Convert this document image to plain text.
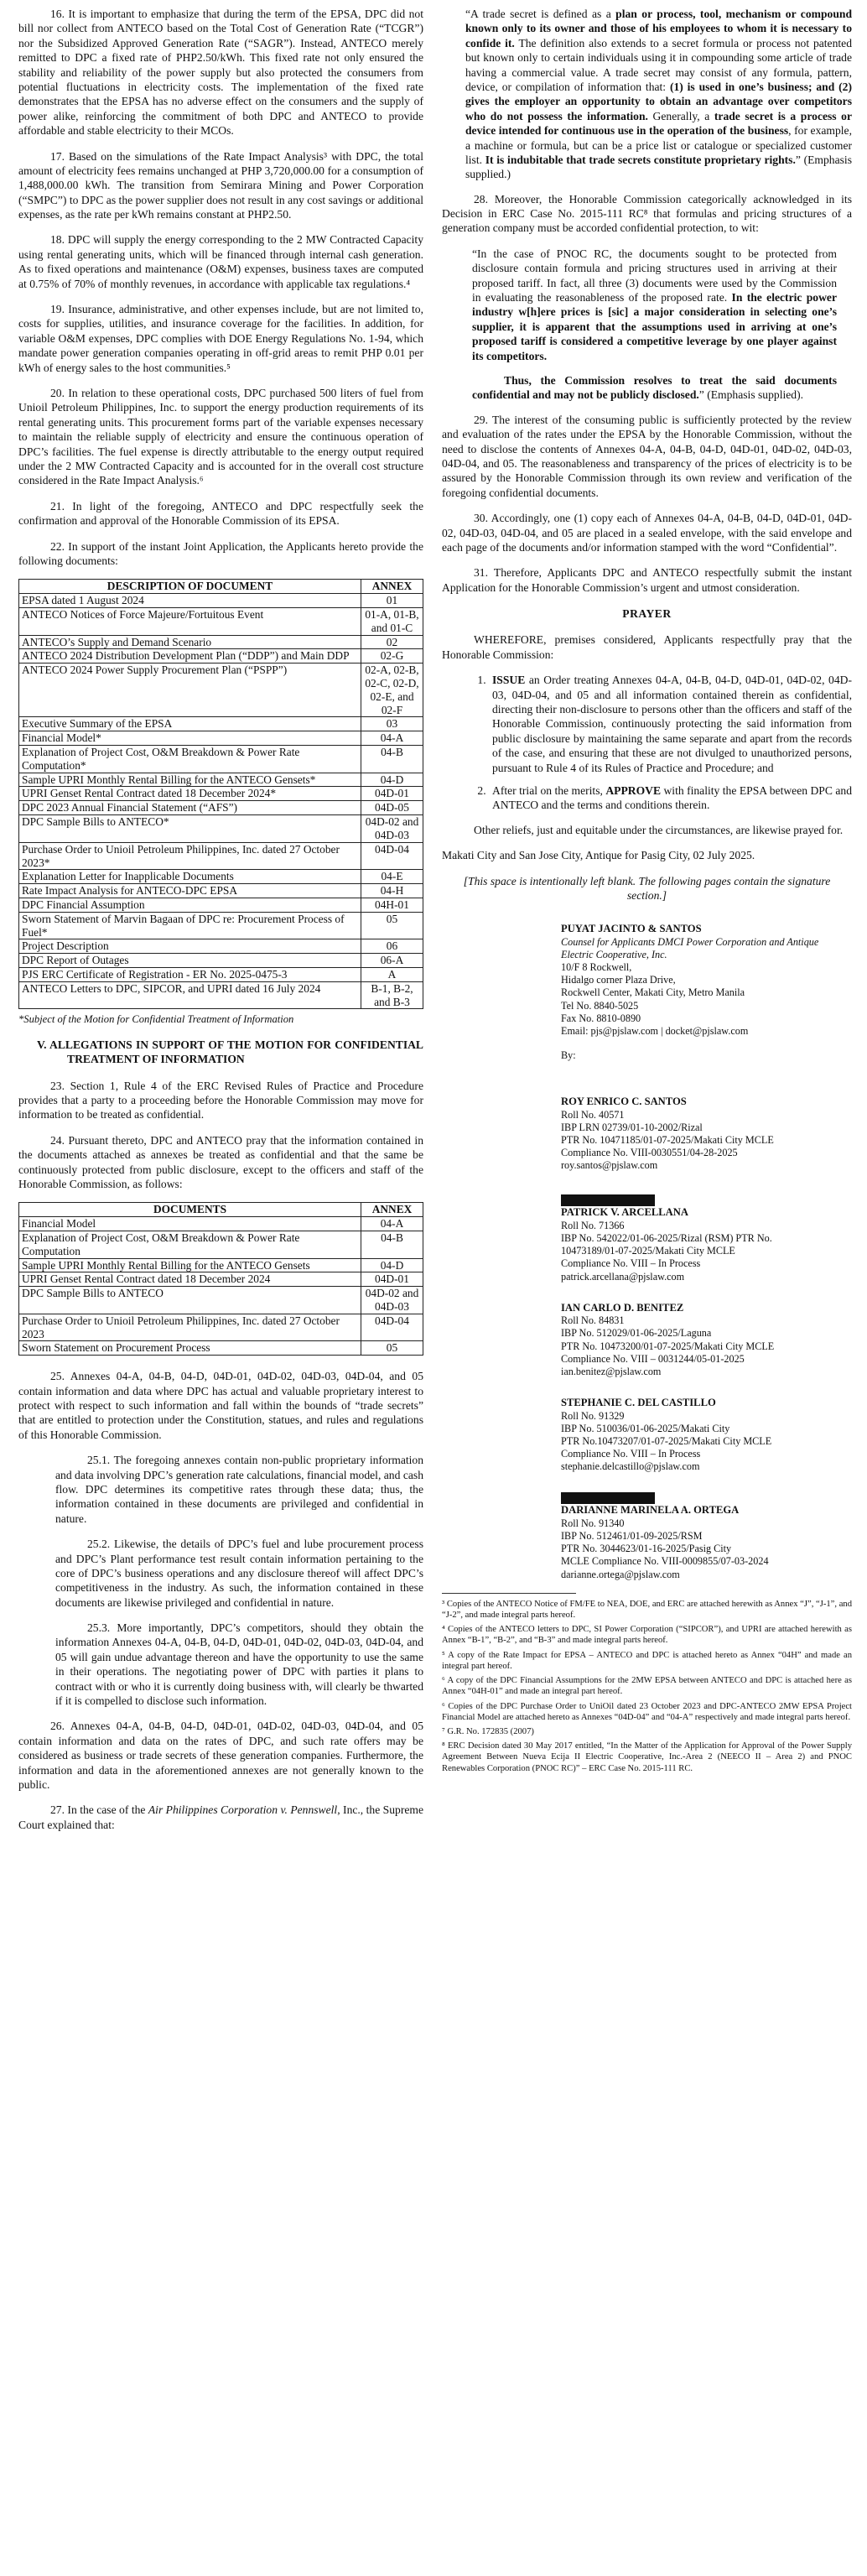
16. It is important to emphasize that during the term of the EPSA, DPC did not bill nor collect from ANTECO based on the Total Cost of Generation Rate (“TCGR”) nor the Subsidized Approved Generation Rate (“SAGR”). Instead, ANTECO merely remitted to DPC a fixed rate of PHP2.50/kWh. This fixed rate not only ensured the stability and reliability of the power supply but also protected the consumers from potential fluctuations in electricity costs. The implementation of the fixed rate demonstrates that the EPSA has no adverse effect on the consumers and the supply of power alike, reinforcing the commitment of both DPC and ANTECO to provide affordable and stable electricity to their MCOs.

17. Based on the simulations of the Rate Impact Analysis³ with DPC, the total amount of electricity fees remains unchanged at PHP 3,720,000.00 for a consumption of 1,488,000.00 kWh. The transition from Semirara Mining and Power Corporation (“SMPC”) to DPC as the power supplier does not result in any cost savings or additional expenses, as the rate per kWh remains constant at PHP2.50.

18. DPC will supply the energy corresponding to the 2 MW Contracted Capacity using rental generating units, which will be financed through internal cash generation. As to fixed operations and maintenance (O&M) expenses, business taxes are computed at 0.75% of 70% of monthly revenues, in accordance with applicable tax regulations.⁴

19. Insurance, administrative, and other expenses include, but are not limited to, costs for supplies, utilities, and insurance coverage for the facilities. In addition, for variable O&M expenses, DPC complies with DOE Energy Regulations No. 1-94, which mandate power generation companies operating in off-grid areas to remit PHP 0.01 per kWh of energy sales to the host communities.⁵

20. In relation to these operational costs, DPC purchased 500 liters of fuel from Unioil Petroleum Philippines, Inc. to support the energy production requirements of its rental generating units. This procurement forms part of the variable expenses necessary to maintain the reliable supply of electricity and ensure the continuous operation of DPC’s facilities. The fuel expense is directly attributable to the energy output required under the 2 MW Contracted Capacity and is accounted for in the overall cost structure considered in the Rate Impact Analysis.⁶

21. In light of the foregoing, ANTECO and DPC respectfully seek the confirmation and approval of the Honorable Commission of its EPSA.

22. In support of the instant Joint Application, the Applicants hereto provide the following documents:

DESCRIPTION OF DOCUMENT	ANNEX
EPSA dated 1 August 2024	01
ANTECO Notices of Force Majeure/Fortuitous Event	01-A, 01-B, and 01-C
ANTECO’s Supply and Demand Scenario	02
ANTECO 2024 Distribution Development Plan (“DDP”) and Main DDP	02-G
ANTECO 2024 Power Supply Procurement Plan (“PSPP”)	02-A, 02-B, 02-C, 02-D, 02-E, and 02-F
Executive Summary of the EPSA	03
Financial Model*	04-A
Explanation of Project Cost, O&M Breakdown & Power Rate Computation*	04-B
Sample UPRI Monthly Rental Billing for the ANTECO Gensets*	04-D
UPRI Genset Rental Contract dated 18 December 2024*	04D-01
DPC 2023 Annual Financial Statement (“AFS”)	04D-05
DPC Sample Bills to ANTECO*	04D-02 and 04D-03
Purchase Order to Unioil Petroleum Philippines, Inc. dated 27 October 2023*	04D-04
Explanation Letter for Inapplicable Documents	04-E
Rate Impact Analysis for ANTECO-DPC EPSA	04-H
DPC Financial Assumption	04H-01
Sworn Statement of Marvin Bagaan of DPC re: Procurement Process of Fuel*	05
Project Description	06
DPC Report of Outages	06-A
PJS ERC Certificate of Registration - ER No. 2025-0475-3	A
ANTECO Letters to DPC, SIPCOR, and UPRI dated 16 July 2024	B-1, B-2, and B-3

*Subject of the Motion for Confidential Treatment of Information

V. ALLEGATIONS IN SUPPORT OF THE MOTION FOR CONFIDENTIAL TREATMENT OF INFORMATION

23. Section 1, Rule 4 of the ERC Revised Rules of Practice and Procedure provides that a party to a proceeding before the Honorable Commission may move for information to be treated as confidential.

24. Pursuant thereto, DPC and ANTECO pray that the information contained in the documents attached as annexes be treated as confidential and that the same be continuously protected from public disclosure, except to the officers and staff of the Honorable Commission, as follows:

DOCUMENTS	ANNEX
Financial Model	04-A
Explanation of Project Cost, O&M Breakdown & Power Rate Computation	04-B
Sample UPRI Monthly Rental Billing for the ANTECO Gensets	04-D
UPRI Genset Rental Contract dated 18 December 2024	04D-01
DPC Sample Bills to ANTECO	04D-02 and 04D-03
Purchase Order to Unioil Petroleum Philippines, Inc. dated 27 October 2023	04D-04
Sworn Statement on Procurement Process	05

25. Annexes 04-A, 04-B, 04-D, 04D-01, 04D-02, 04D-03, 04D-04, and 05 contain information and data where DPC has actual and valuable proprietary interest to protect with respect to such information and fall within the bounds of “trade secrets” that are entitled to protection under the Constitution, statues, and rules and regulations of this Honorable Commission.

25.1. The foregoing annexes contain non-public proprietary information and data involving DPC’s generation rate calculations, financial model, and cash flow. DPC determines its competitive rates through these data; thus, the information contained in these documents are privileged and confidential in nature.

25.2. Likewise, the details of DPC’s fuel and lube procurement process and DPC’s Plant performance test result contain information pertaining to the core of DPC’s business operations and any disclosure thereof will affect DPC’s competitiveness in the industry. As such, the information contained in these documents are likewise privileged and confidential in nature.

25.3. More importantly, DPC’s competitors, should they obtain the information Annexes 04-A, 04-B, 04-D, 04D-01, 04D-02, 04D-03, 04D-04, and 05 will gain undue advantage thereon and have the opportunity to use the same in their operations. The negotiating power of DPC with parties it plans to contract with or who it is currently doing business with, will clearly be thwarted if it is compelled to disclose such information.

26. Annexes 04-A, 04-B, 04-D, 04D-01, 04D-02, 04D-03, 04D-04, and 05 contain information and data on the rates of DPC, and such rate offers may be considered as business or trade secrets of these generation companies. Furthermore, the information and data in the aforementioned annexes are not generally known to the public.

27. In the case of the Air Philippines Corporation v. Pennswell, Inc., the Supreme Court explained that:

“A trade secret is defined as a plan or process, tool, mechanism or compound known only to its owner and those of his employees to whom it is necessary to confide it. The definition also extends to a secret formula or process not patented but known only to certain individuals using it in compounding some article of trade having a commercial value. A trade secret may consist of any formula, pattern, device, or compilation of information that: (1) is used in one’s business; and (2) gives the employer an opportunity to obtain an advantage over competitors who do not possess the information. Generally, a trade secret is a process or device intended for continuous use in the operation of the business, for example, a machine or formula, but can be a price list or catalogue or specialized customer list. It is indubitable that trade secrets constitute proprietary rights.” (Emphasis supplied.)

28. Moreover, the Honorable Commission categorically acknowledged in its Decision in ERC Case No. 2015-111 RC⁸ that formulas and pricing structures of a generation company must be accorded confidential protection, to wit:

“In the case of PNOC RC, the documents sought to be protected from disclosure contain formula and pricing structures used in arriving at their proposed tariff. In fact, all three (3) documents were used by the Commission in evaluating the reasonableness of the proposed rate. In the electric power industry w[h]ere prices is [sic] a major consideration in selecting one’s supplier, it is apparent that the assumptions used in arriving at one’s proposed tariff is considered a competitive leverage by one player against its competitors.

Thus, the Commission resolves to treat the said documents confidential and may not be publicly disclosed.” (Emphasis supplied).

29. The interest of the consuming public is sufficiently protected by the review and evaluation of the rates under the EPSA by the Honorable Commission, without the need to disclose the contents of Annexes 04-A, 04-B, 04-D, 04D-01, 04D-02, 04D-03, 04D-04, and 05. The reasonableness and transparency of the prices of electricity is to be assured by the Honorable Commission through its own review and verification of the foregoing confidential documents.

30. Accordingly, one (1) copy each of Annexes 04-A, 04-B, 04-D, 04D-01, 04D-02, 04D-03, 04D-04, and 05 are placed in a sealed envelope, with the said envelope and each page of the documents and/or information stamped with the word “Confidential”.

31. Therefore, Applicants DPC and ANTECO respectfully submit the instant Application for the Honorable Commission’s urgent and utmost consideration.

PRAYER

WHEREFORE, premises considered, Applicants respectfully pray that the Honorable Commission:

1. ISSUE an Order treating Annexes 04-A, 04-B, 04-D, 04D-01, 04D-02, 04D-03, 04D-04, and 05 and all information contained therein as confidential, directing their non-disclosure to persons other than the officers and staff of the Honorable Commission, continuously protecting the said information from public disclosure by maintaining the same separate and apart from the records of the case, and ensuring that these are not divulged to unauthorized persons, pursuant to Rule 4 of its Rules of Practice and Procedure; and
2. After trial on the merits, APPROVE with finality the EPSA between DPC and ANTECO and the terms and conditions therein.

Other reliefs, just and equitable under the circumstances, are likewise prayed for.

Makati City and San Jose City, Antique for Pasig City, 02 July 2025.

[This space is intentionally left blank. The following pages contain the signature section.]

PUYAT JACINTO & SANTOS
Counsel for Applicants DMCI Power Corporation and Antique Electric Cooperative, Inc.
10/F 8 Rockwell,
Hidalgo corner Plaza Drive,
Rockwell Center, Makati City, Metro Manila
Tel No. 8840-5025
Fax No. 8810-0890
Email: pjs@pjslaw.com | docket@pjslaw.com
By:
ROY ENRICO C. SANTOS
Roll No. 40571
IBP LRN 02739/01-10-2002/Rizal
PTR No. 10471185/01-07-2025/Makati City MCLE
Compliance No. VIII-0030551/04-28-2025
roy.santos@pjslaw.com
PATRICK V. ARCELLANA
Roll No. 71366
IBP No. 542022/01-06-2025/Rizal (RSM) PTR No.
10473189/01-07-2025/Makati City MCLE
Compliance No. VIII – In Process
patrick.arcellana@pjslaw.com
IAN CARLO D. BENITEZ
Roll No. 84831
IBP No. 512029/01-06-2025/Laguna
PTR No. 10473200/01-07-2025/Makati City MCLE
Compliance No. VIII – 0031244/05-01-2025
ian.benitez@pjslaw.com
STEPHANIE C. DEL CASTILLO
Roll No. 91329
IBP No. 510036/01-06-2025/Makati City
PTR No.10473207/01-07-2025/Makati City MCLE
Compliance No. VIII – In Process
stephanie.delcastillo@pjslaw.com
DARIANNE MARINELA A. ORTEGA
Roll No. 91340
IBP No. 512461/01-09-2025/RSM
PTR No. 3044623/01-16-2025/Pasig City
MCLE Compliance No. VIII-0009855/07-03-2024
darianne.ortega@pjslaw.com
³ Copies of the ANTECO Notice of FM/FE to NEA, DOE, and ERC are attached herewith as Annex “J”, “J-1”, and “J-2”, and made integral parts hereof.
⁴ Copies of the ANTECO letters to DPC, SI Power Corporation (“SIPCOR”), and UPRI are attached herewith as Annex “B-1”, “B-2”, and “B-3” and made integral parts hereof.
⁵ A copy of the Rate Impact for EPSA – ANTECO and DPC is attached hereto as Annex “04H” and made an integral part hereof.
⁶ A copy of the DPC Financial Assumptions for the 2MW EPSA between ANTECO and DPC is attached here as Annex “04H-01” and made an integral part hereof.
⁶ Copies of the DPC Purchase Order to UniOil dated 23 October 2023 and DPC-ANTECO 2MW EPSA Project Financial Model are attached hereto as Annexes “04D-04” and “04-A” respectively and made integral parts hereof.
⁷ G.R. No. 172835 (2007)
⁸ ERC Decision dated 30 May 2017 entitled, “In the Matter of the Application for Approval of the Power Supply Agreement Between Nueva Ecija II Electric Cooperative, Inc.-Area 2 (NEECO II – Area 2) and PNOC Renewables Corporation (PNOC RC)” – ERC Case No. 2015-111 RC.
